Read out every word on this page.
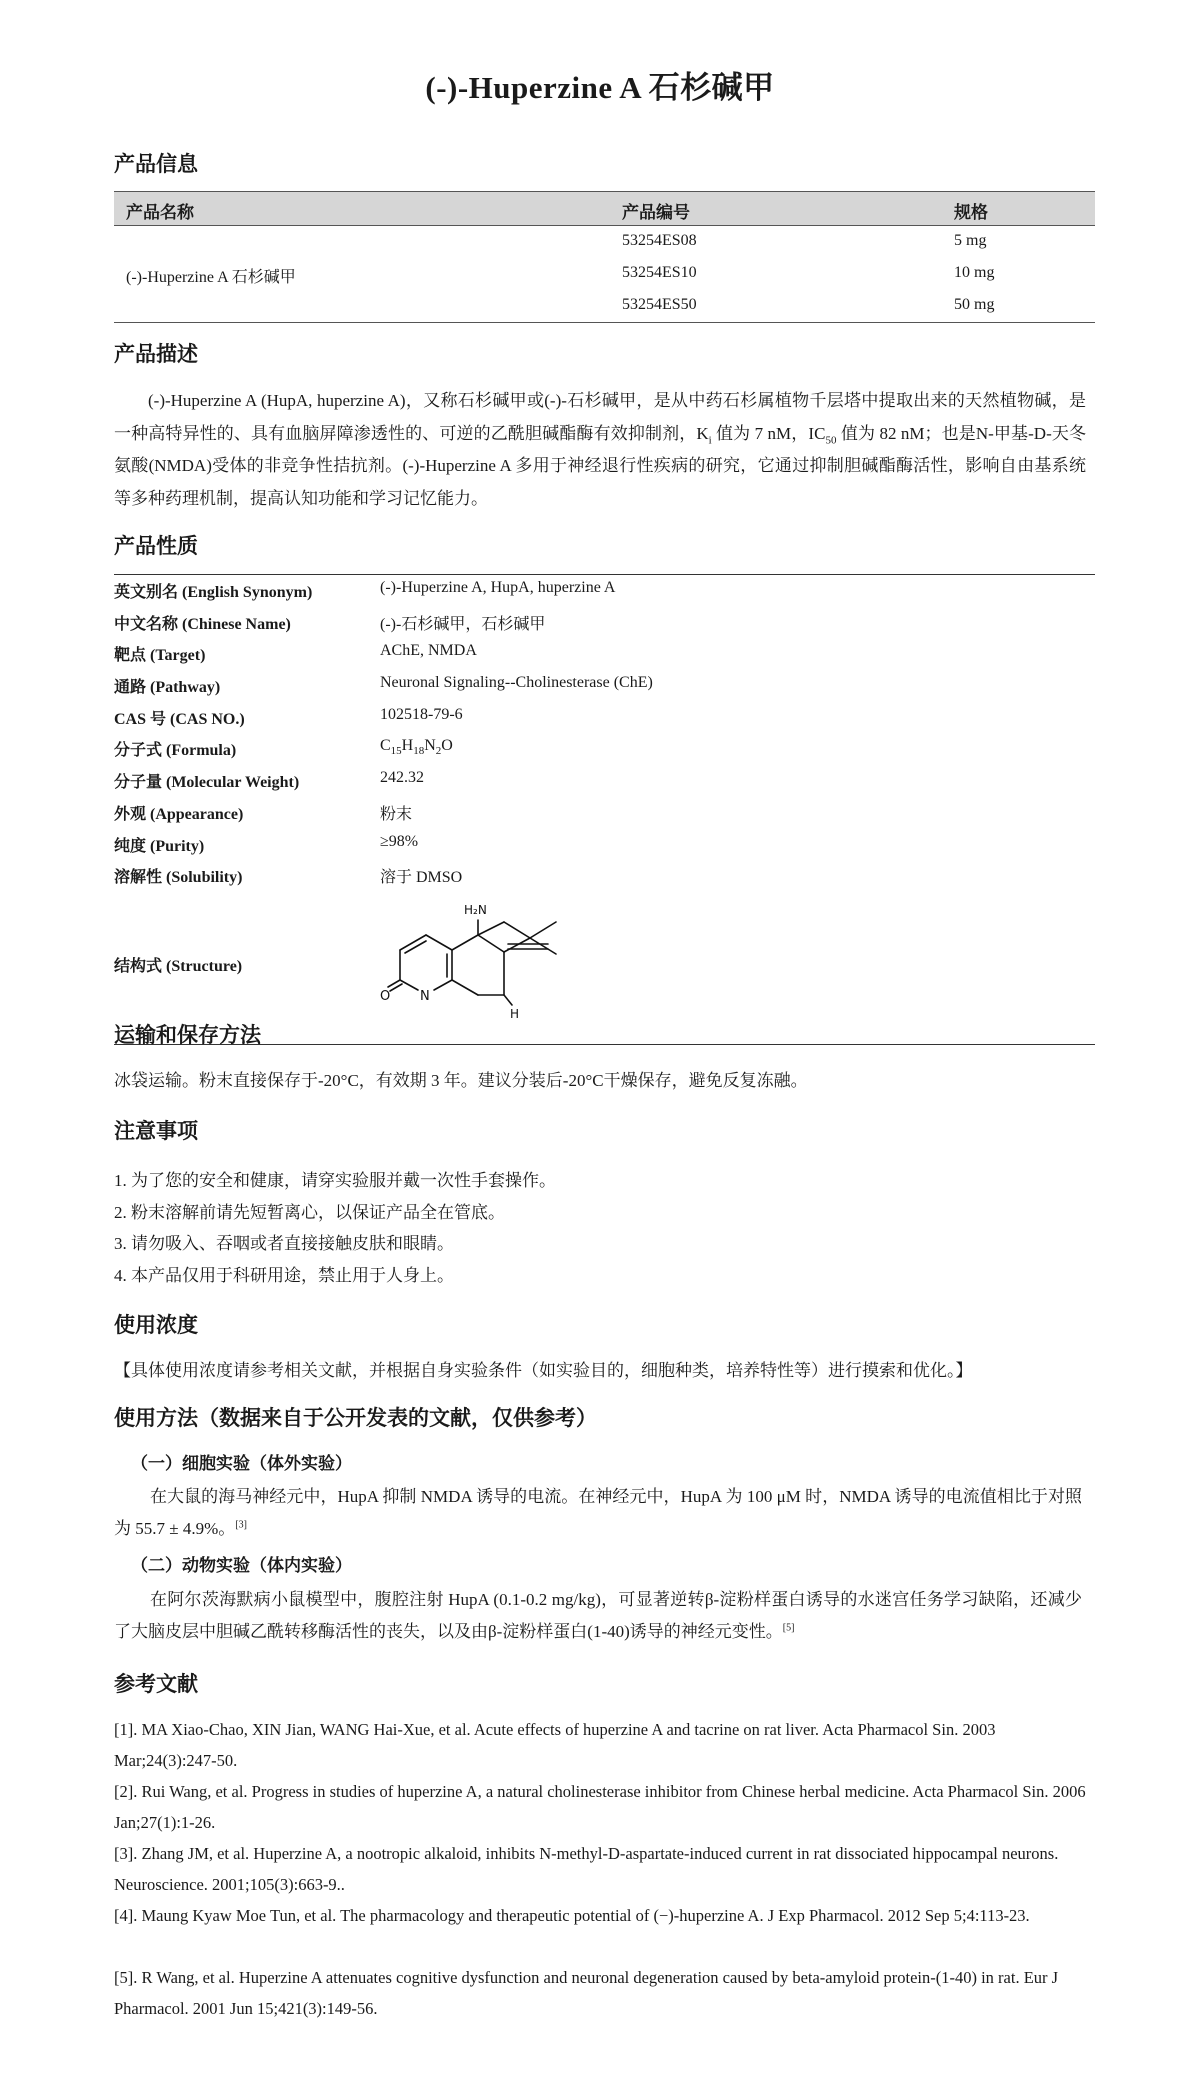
(-)-Huperzine A 石杉碱甲
产品信息
产品名称	产品编号	规格
(-)-Huperzine A 石杉碱甲
53254ES08	5 mg
53254ES10	10 mg
53254ES50	50 mg
产品描述
(-)-Huperzine A (HupA, huperzine A)，又称石杉碱甲或(-)-石杉碱甲，是从中药石杉属植物千层塔中提取出来的天然植物碱，是一种高特异性的、具有血脑屏障渗透性的、可逆的乙酰胆碱酯酶有效抑制剂，$K_i$ 值为 7 nM，$IC_{50}$ 值为 82 nM；也是N-甲基-D-天冬氨酸(NMDA)受体的非竞争性拮抗剂。(-)-Huperzine A 多用于神经退行性疾病的研究，它通过抑制胆碱酯酶活性，影响自由基系统等多种药理机制，提高认知功能和学习记忆能力。
产品性质
英文别名 (English Synonym)	(-)-Huperzine A, HupA, huperzine A
中文名称 (Chinese Name)	(-)-石杉碱甲，石杉碱甲
靶点 (Target)	AChE, NMDA
通路 (Pathway)	Neuronal Signaling--Cholinesterase (ChE)
CAS 号 (CAS NO.)	102518-79-6
分子式 (Formula)	$C_{15}H_{18}N_2O$
分子量 (Molecular Weight)	242.32
外观 (Appearance)	粉末
纯度 (Purity)	≥98%
溶解性 (Solubility)	溶于 DMSO
结构式 (Structure)
H₂N
O N
H
运输和保存方法
冰袋运输。粉末直接保存于-20°C，有效期 3 年。建议分装后-20°C干燥保存，避免反复冻融。
注意事项
1. 为了您的安全和健康，请穿实验服并戴一次性手套操作。
2. 粉末溶解前请先短暂离心，以保证产品全在管底。
3. 请勿吸入、吞咽或者直接接触皮肤和眼睛。
4. 本产品仅用于科研用途，禁止用于人身上。
使用浓度
【具体使用浓度请参考相关文献，并根据自身实验条件（如实验目的，细胞种类，培养特性等）进行摸索和优化。】
使用方法（数据来自于公开发表的文献，仅供参考）
（一）细胞实验（体外实验）
在大鼠的海马神经元中，HupA 抑制 NMDA 诱导的电流。在神经元中，HupA 为 100 μM 时，NMDA 诱导的电流值相比于对照为 55.7 ± 4.9%。[3]
（二）动物实验（体内实验）
在阿尔茨海默病小鼠模型中，腹腔注射 HupA (0.1-0.2 mg/kg)，可显著逆转β-淀粉样蛋白诱导的水迷宫任务学习缺陷，还减少了大脑皮层中胆碱乙酰转移酶活性的丧失，以及由β-淀粉样蛋白(1-40)诱导的神经元变性。[5]
参考文献
[1]. MA Xiao-Chao, XIN Jian, WANG Hai-Xue, et al. Acute effects of huperzine A and tacrine on rat liver. Acta Pharmacol Sin. 2003 Mar;24(3):247-50.
[2]. Rui Wang, et al. Progress in studies of huperzine A, a natural cholinesterase inhibitor from Chinese herbal medicine. Acta Pharmacol Sin. 2006 Jan;27(1):1-26.
[3]. Zhang JM, et al. Huperzine A, a nootropic alkaloid, inhibits N-methyl-D-aspartate-induced current in rat dissociated hippocampal neurons. Neuroscience. 2001;105(3):663-9..
[4]. Maung Kyaw Moe Tun, et al. The pharmacology and therapeutic potential of (−)-huperzine A. J Exp Pharmacol. 2012 Sep 5;4:113-23.
[5]. R Wang, et al. Huperzine A attenuates cognitive dysfunction and neuronal degeneration caused by beta-amyloid protein-(1-40) in rat. Eur J Pharmacol. 2001 Jun 15;421(3):149-56.
